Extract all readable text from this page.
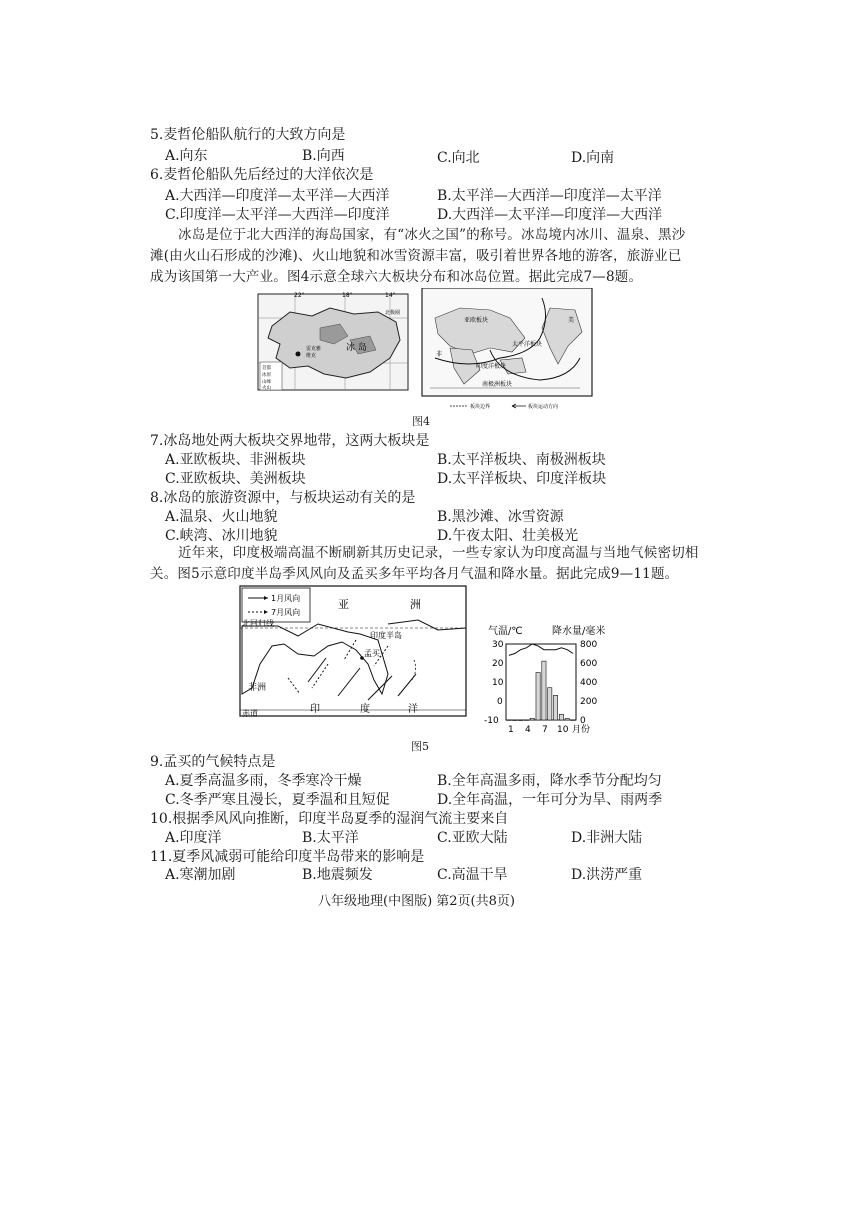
5.麦哲伦船队航行的大致方向是
A.向东	B.向西	C.向北	D.向南
6.麦哲伦船队先后经过的大洋依次是
A.大西洋—印度洋—太平洋—大西洋	B.太平洋—大西洋—印度洋—太平洋
C.印度洋—太平洋—大西洋—印度洋	D.大西洋—太平洋—印度洋—大西洋
冰岛是位于北大西洋的海岛国家，有“冰火之国”的称号。冰岛境内冰川、温泉、黑沙
滩(由火山石形成的沙滩)、火山地貌和冰雪资源丰富，吸引着世界各地的游客，旅游业已
成为该国第一大产业。图4示意全球六大板块分布和冰岛位置。据此完成7—8题。
22°	18°	14°
冰 岛
雷克雅
维克
北极圈
首都
冰原
山峰
火山
亚欧板块	美
太平洋板块
非
印度洋板块
南极洲板块
板块边界	板块运动方向
图4
7.冰岛地处两大板块交界地带，这两大板块是
A.亚欧板块、非洲板块	B.太平洋板块、南极洲板块
C.亚欧板块、美洲板块	D.太平洋板块、印度洋板块
8.冰岛的旅游资源中，与板块运动有关的是
A.温泉、火山地貌	B.黑沙滩、冰雪资源
C.峡湾、冰川地貌	D.午夜太阳、壮美极光
近年来，印度极端高温不断刷新其历史记录，一些专家认为印度高温与当地气候密切相
关。图5示意印度半岛季风风向及孟买多年平均各月气温和降水量。据此完成9—11题。
1月风向
7月风向
亚	洲
北回归线
印度半岛
孟买
非洲
赤道	印	度	洋
图5
气温/℃	降水量/毫米
30
20
10
0
-10
800
600
400
200
0
1 4 7 10 月份
9.孟买的气候特点是
A.夏季高温多雨，冬季寒冷干燥	B.全年高温多雨，降水季节分配均匀
C.冬季严寒且漫长，夏季温和且短促	D.全年高温，一年可分为旱、雨两季
10.根据季风风向推断，印度半岛夏季的湿润气流主要来自
A.印度洋	B.太平洋	C.亚欧大陆	D.非洲大陆
11.夏季风减弱可能给印度半岛带来的影响是
A.寒潮加剧	B.地震频发	C.高温干旱	D.洪涝严重
八年级地理(中图版) 第2页(共8页)
